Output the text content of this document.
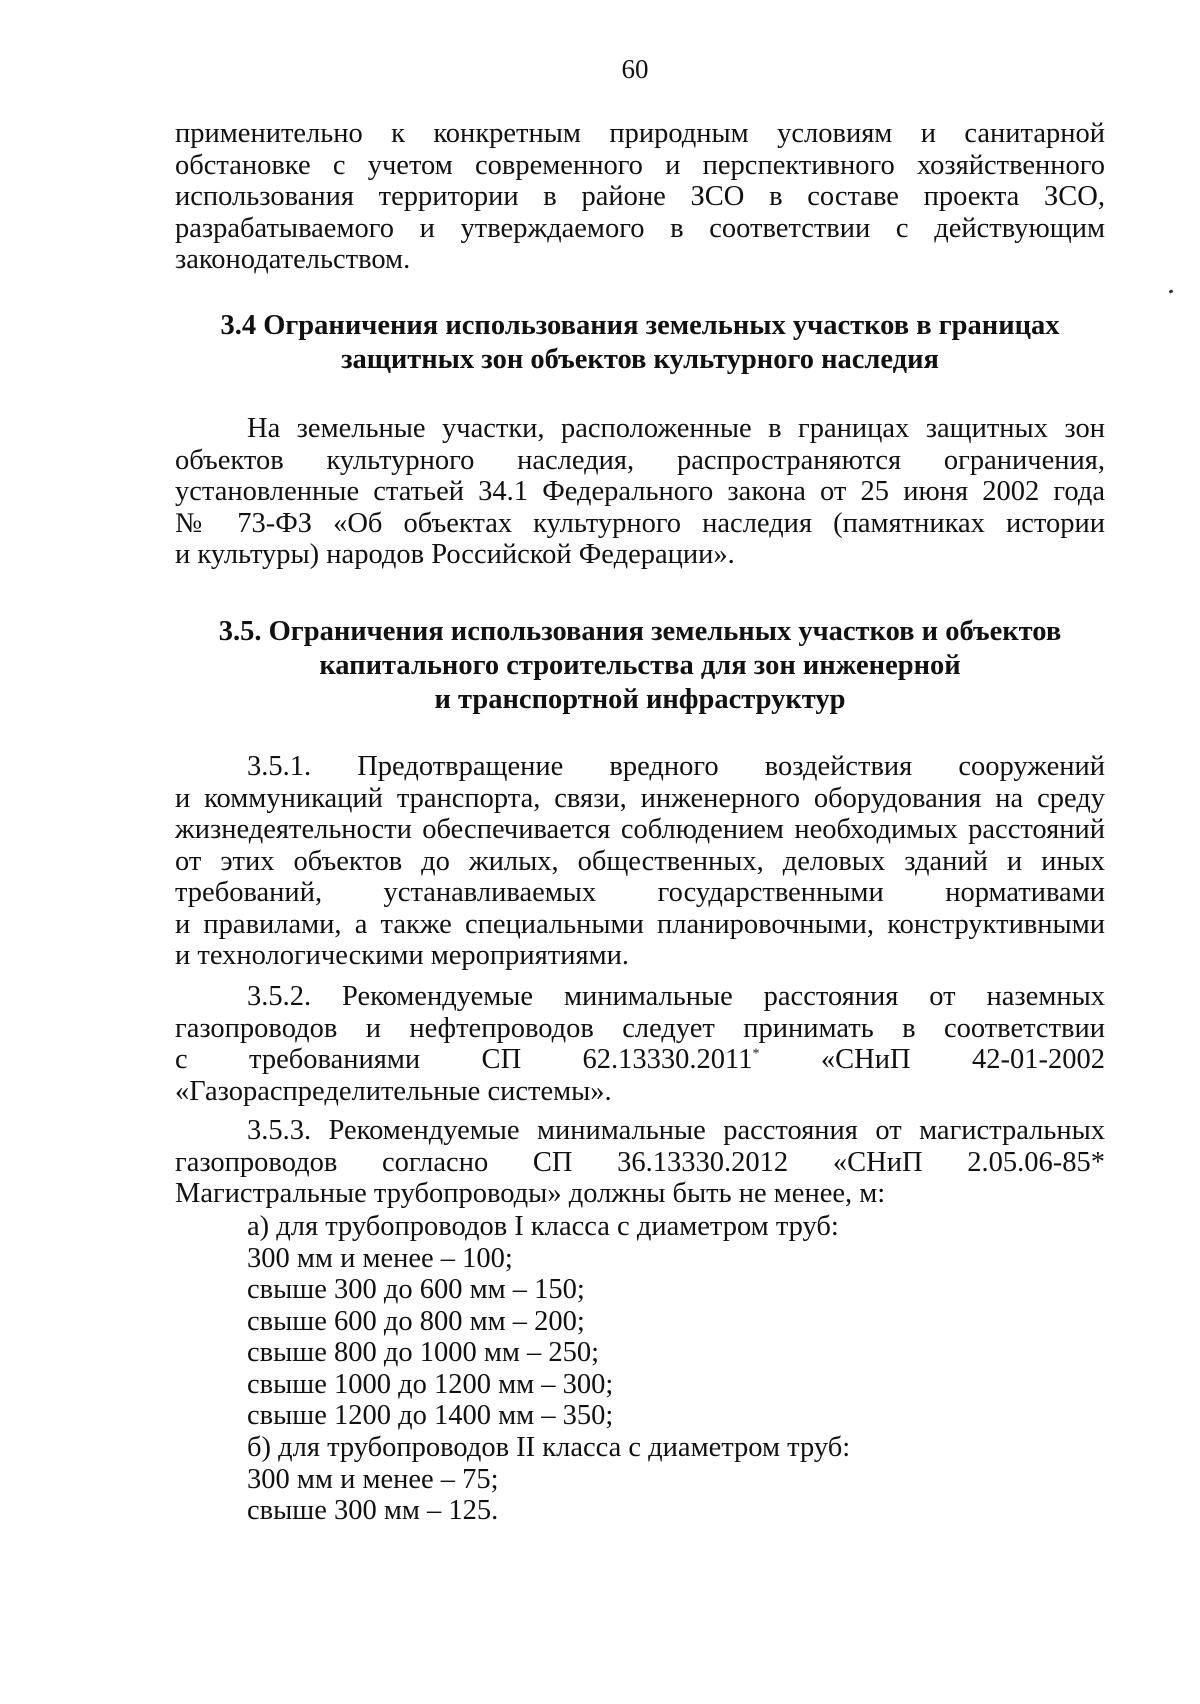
60
применительно к конкретным природным условиям и санитарной
обстановке с учетом современного и перспективного хозяйственного
использования территории в районе ЗСО в составе проекта ЗСО,
разрабатываемого и утверждаемого в соответствии с действующим
законодательством.
3.4 Ограничения использования земельных участков в границах
защитных зон объектов культурного наследия
На земельные участки, расположенные в границах защитных зон
объектов культурного наследия, распространяются ограничения,
установленные статьей 34.1 Федерального закона от 25 июня 2002 года
№ 73-ФЗ «Об объектах культурного наследия (памятниках истории
и культуры) народов Российской Федерации».
3.5. Ограничения использования земельных участков и объектов
капитального строительства для зон инженерной
и транспортной инфраструктур
3.5.1. Предотвращение вредного воздействия сооружений
и коммуникаций транспорта, связи, инженерного оборудования на среду
жизнедеятельности обеспечивается соблюдением необходимых расстояний
от этих объектов до жилых, общественных, деловых зданий и иных
требований, устанавливаемых государственными нормативами
и правилами, а также специальными планировочными, конструктивными
и технологическими мероприятиями.
3.5.2. Рекомендуемые минимальные расстояния от наземных
газопроводов и нефтепроводов следует принимать в соответствии
с требованиями СП 62.13330.2011* «СНиП 42-01-2002
«Газораспределительные системы».
3.5.3. Рекомендуемые минимальные расстояния от магистральных
газопроводов согласно СП 36.13330.2012 «СНиП 2.05.06-85*
Магистральные трубопроводы» должны быть не менее, м:
а) для трубопроводов I класса с диаметром труб:
300 мм и менее – 100;
свыше 300 до 600 мм – 150;
свыше 600 до 800 мм – 200;
свыше 800 до 1000 мм – 250;
свыше 1000 до 1200 мм – 300;
свыше 1200 до 1400 мм – 350;
б) для трубопроводов II класса с диаметром труб:
300 мм и менее – 75;
свыше 300 мм – 125.
